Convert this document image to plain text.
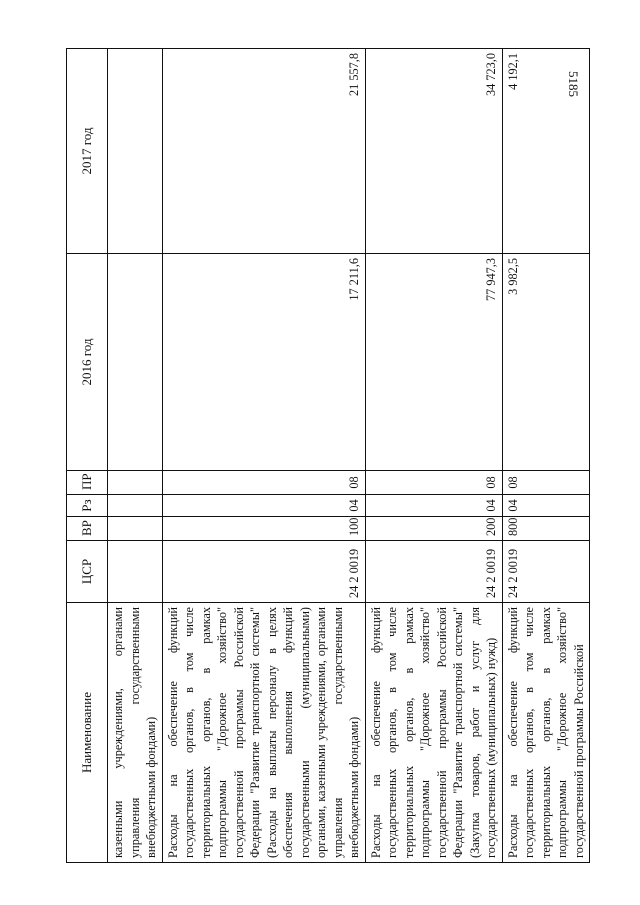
5185
Наименование	ЦСР	ВР	Рз	ПР	2016 год	2017 год
казенными учреждениями, органами управления государственными внебюджетными фондами)						
Расходы на обеспечение функций государственных органов, в том числе территориальных органов, в рамках подпрограммы "Дорожное хозяйство" государственной программы Российской Федерации "Развитие транспортной системы" (Расходы на выплаты персоналу в целях обеспечения выполнения функций государственными (муниципальными) органами, казенными учреждениями, органами управления государственными внебюджетными фондами)	24 2 0019	100	04	08	17 211,6	21 557,8
Расходы на обеспечение функций государственных органов, в том числе территориальных органов, в рамках подпрограммы "Дорожное хозяйство" государственной программы Российской Федерации "Развитие транспортной системы" (Закупка товаров, работ и услуг для государственных (муниципальных) нужд)	24 2 0019	200	04	08	77 947,3	34 723,0
Расходы на обеспечение функций государственных органов, в том числе территориальных органов, в рамках подпрограммы "Дорожное хозяйство" государственной программы Российской	24 2 0019	800	04	08	3 982,5	4 192,1
